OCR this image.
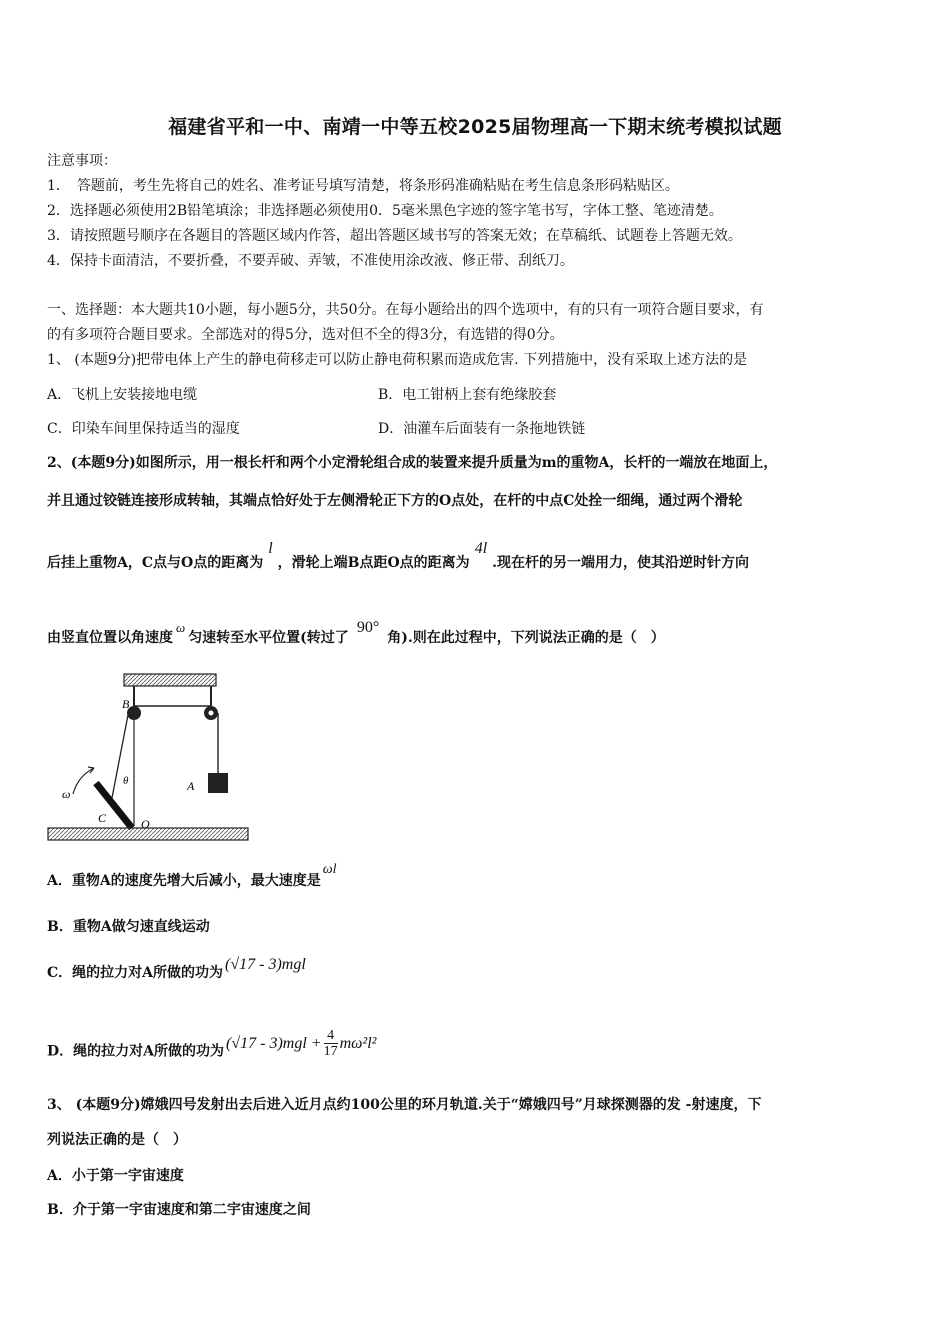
福建省平和一中、南靖一中等五校2025届物理高一下期末统考模拟试题
注意事项：
1．　答题前，考生先将自己的姓名、准考证号填写清楚，将条形码准确粘贴在考生信息条形码粘贴区。
2．选择题必须使用2B铅笔填涂；非选择题必须使用0．5毫米黑色字迹的签字笔书写，字体工整、笔迹清楚。
3．请按照题号顺序在各题目的答题区域内作答，超出答题区域书写的答案无效；在草稿纸、试题卷上答题无效。
4．保持卡面清洁，不要折叠，不要弄破、弄皱，不准使用涂改液、修正带、刮纸刀。
一、选择题：本大题共10小题，每小题5分，共50分。在每小题给出的四个选项中，有的只有一项符合题目要求，有
的有多项符合题目要求。全部选对的得5分，选对但不全的得3分，有选错的得0分。
1、 (本题9分)把带电体上产生的静电荷移走可以防止静电荷积累而造成危害. 下列措施中，没有采取上述方法的是
A．飞机上安装接地电缆	B．电工钳柄上套有绝缘胶套
C．印染车间里保持适当的湿度	D．油灌车后面装有一条拖地铁链
2、(本题9分)如图所示，用一根长杆和两个小定滑轮组合成的装置来提升质量为m的重物A，长杆的一端放在地面上，
并且通过铰链连接形成转轴，其端点恰好处于左侧滑轮正下方的O点处，在杆的中点C处拴一细绳，通过两个滑轮
后挂上重物A，C点与O点的距离为l，滑轮上端B点距O点的距离为4l.现在杆的另一端用力，使其沿逆时针方向
由竖直位置以角速度ω匀速转至水平位置(转过了90°角).则在此过程中，下列说法正确的是（　）
B
A
C	O
ω
θ
A．重物A的速度先增大后减小，最大速度是ωl
B．重物A做匀速直线运动
C．绳的拉力对A所做的功为 (√17 - 3)mgl
D．绳的拉力对A所做的功为 $(√17 - 3)mgl + \frac{4}{17} m\omega^2l^2$
3、 (本题9分)嫦娥四号发射出去后进入近月点约100公里的环月轨道.关于“嫦娥四号”月球探测器的发 -射速度，下
列说法正确的是（　）
A．小于第一宇宙速度
B．介于第一宇宙速度和第二宇宙速度之间
